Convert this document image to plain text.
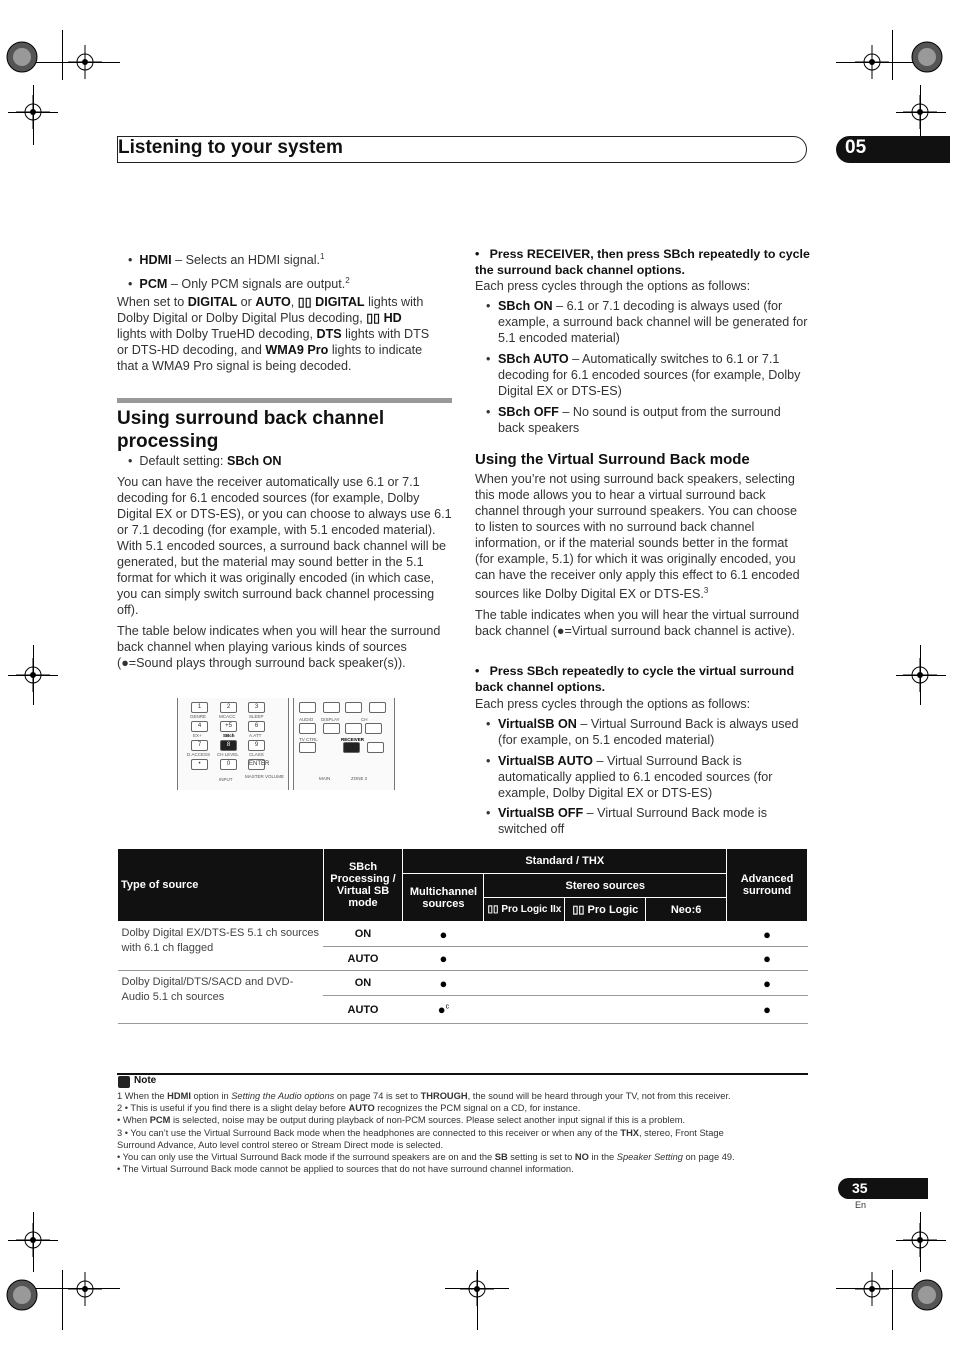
Listening to your system	05
•  HDMI – Selects an HDMI signal.$^1$
•  PCM – Only PCM signals are output.$^2$
When set to DIGITAL or AUTO, ▯▯ DIGITAL lights with
Dolby Digital or Dolby Digital Plus decoding, ▯▯ HD
lights with Dolby TrueHD decoding, DTS lights with DTS
or DTS-HD decoding, and WMA9 Pro lights to indicate
that a WMA9 Pro signal is being decoded.
Using surround back channel
processing
•  Default setting: SBch ON
You can have the receiver automatically use 6.1 or 7.1 decoding for 6.1 encoded sources (for example, Dolby Digital EX or DTS-ES), or you can choose to always use 6.1 or 7.1 decoding (for example, with 5.1 encoded material). With 5.1 encoded sources, a surround back channel will be generated, but the material may sound better in the 5.1 format for which it was originally encoded (in which case, you can simply switch surround back channel processing off).
The table below indicates when you will hear the surround back channel when playing various kinds of sources (●=Sound plays through surround back speaker(s)).
1	2	3
4	+5	6
7	8	9
•	0	ENTER
GENRE	MCACC	SLEEP
EX+	SBch	A.ATT
D.ACCESS CH LEVEL CLASS
INPUT
MASTER VOLUME
AUDIO DISPLAY	CH
TV CTRL	RECEIVER
MAIN	ZONE 2
•   Press RECEIVER, then press SBch repeatedly to cycle the surround back channel options.
Each press cycles through the options as follows:
• SBch ON – 6.1 or 7.1 decoding is always used (for example, a surround back channel will be generated for 5.1 encoded material)
• SBch AUTO – Automatically switches to 6.1 or 7.1 decoding for 6.1 encoded sources (for example, Dolby Digital EX or DTS-ES)
• SBch OFF – No sound is output from the surround back speakers
Using the Virtual Surround Back mode
When you’re not using surround back speakers, selecting this mode allows you to hear a virtual surround back channel through your surround speakers. You can choose to listen to sources with no surround back channel information, or if the material sounds better in the format (for example, 5.1) for which it was originally encoded, you can have the receiver only apply this effect to 6.1 encoded sources like Dolby Digital EX or DTS-ES.$^3$
The table indicates when you will hear the virtual surround back channel (●=Virtual surround back channel is active).
•   Press SBch repeatedly to cycle the virtual surround back channel options.
Each press cycles through the options as follows:
• VirtualSB ON – Virtual Surround Back is always used (for example, on 5.1 encoded material)
• VirtualSB AUTO – Virtual Surround Back is automatically applied to 6.1 encoded sources (for example, Dolby Digital EX or DTS-ES)
• VirtualSB OFF – Virtual Surround Back mode is switched off
Type of source	SBch Processing / Virtual SB mode	Standard / THX				Advanced surround
		Multichannel sources	Stereo sources			
			▯▯ Pro Logic IIx	▯▯ Pro Logic	Neo:6	
Dolby Digital EX/DTS-ES 5.1 ch sources with 6.1 ch flagged	ON	●				●
	AUTO	●				●
Dolby Digital/DTS/SACD and DVD-Audio 5.1 ch sources	ON	●				●
	AUTO	●$^c$				●
Note
1 When the HDMI option in Setting the Audio options on page 74 is set to THROUGH, the sound will be heard through your TV, not from this receiver.
2 • This is useful if you find there is a slight delay before AUTO recognizes the PCM signal on a CD, for instance.
• When PCM is selected, noise may be output during playback of non-PCM sources. Please select another input signal if this is a problem.
3 • You can’t use the Virtual Surround Back mode when the headphones are connected to this receiver or when any of the THX, stereo, Front Stage
Surround Advance, Auto level control stereo or Stream Direct mode is selected.
• You can only use the Virtual Surround Back mode if the surround speakers are on and the SB setting is set to NO in the Speaker Setting on page 49.
• The Virtual Surround Back mode cannot be applied to sources that do not have surround channel information.
35
En
